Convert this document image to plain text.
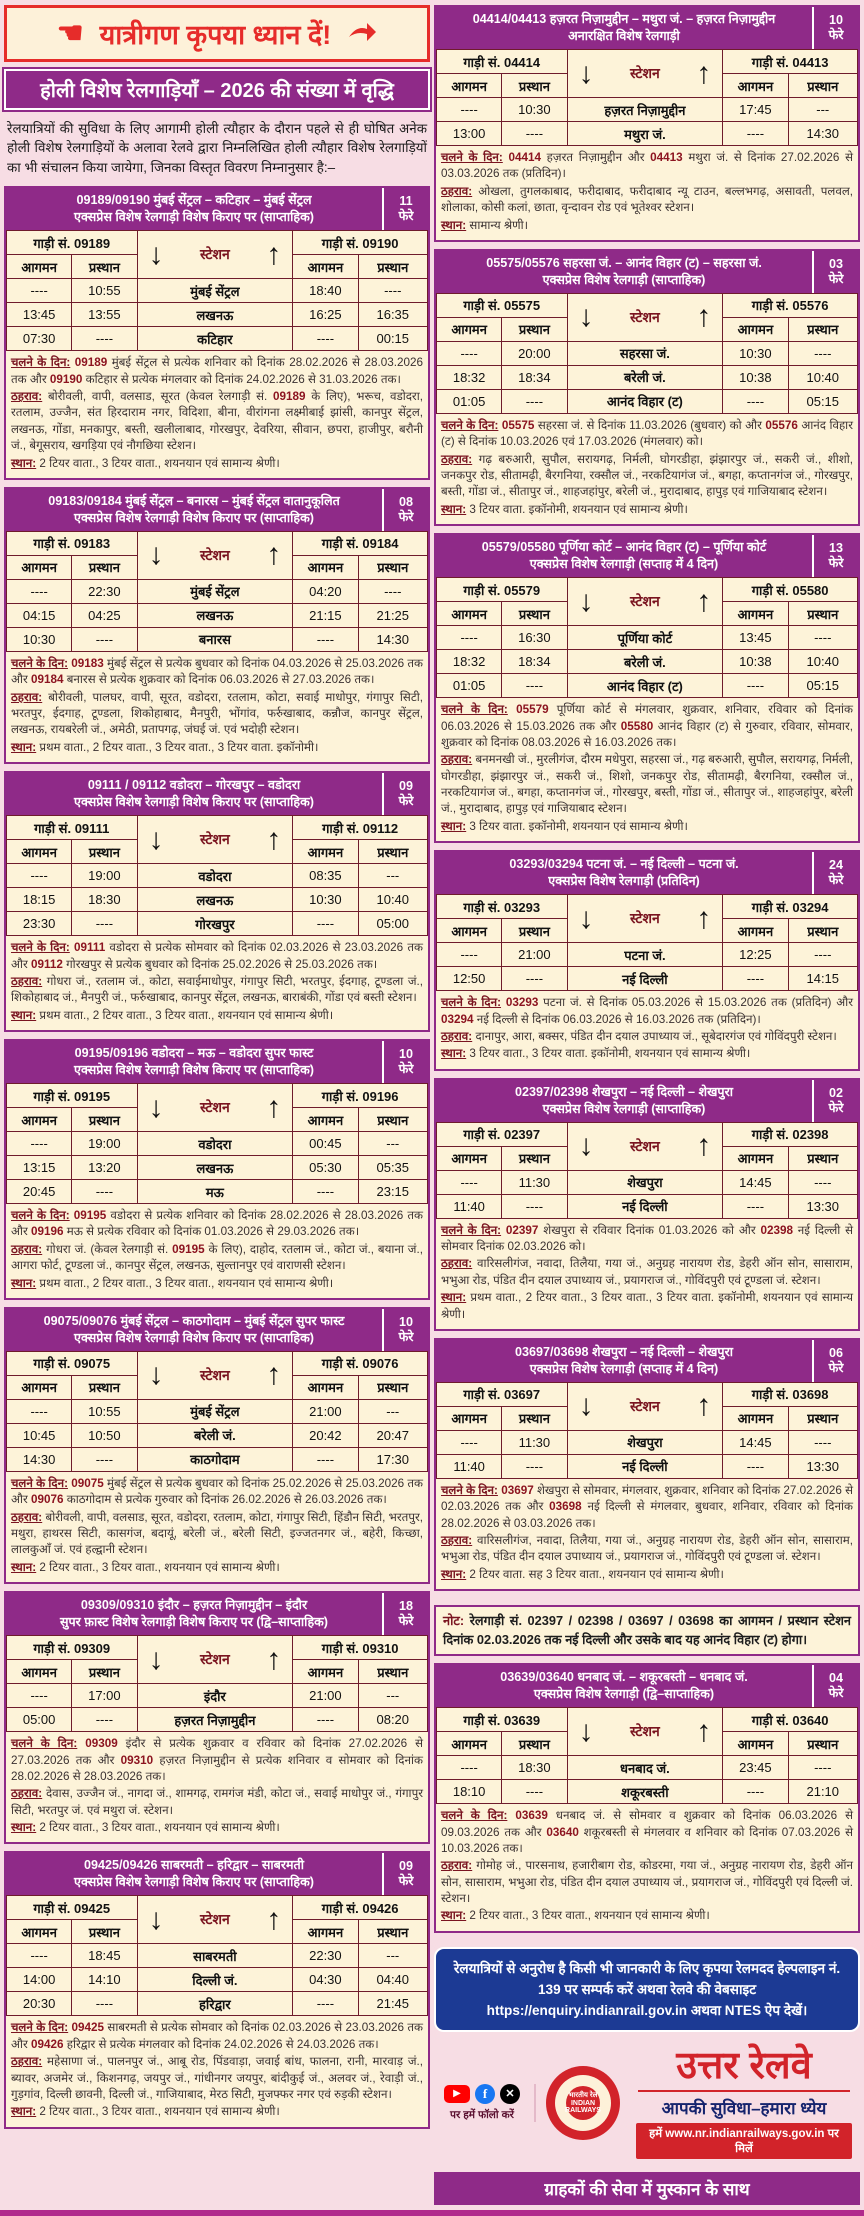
☚ यात्रीगण कृपया ध्यान दें!
होली विशेष रेलगाड़ियाँ – 2026 की संख्या में वृद्धि

रेलयात्रियों की सुविधा के लिए आगामी होली त्यौहार के दौरान पहले से ही घोषित अनेक होली विशेष रेलगाड़ियों के अलावा रेलवे द्वारा निम्नलिखित होली त्यौहार विशेष रेलगाड़ियों का भी संचालन किया जायेगा, जिनका विस्तृत विवरण निम्नानुसार है:–

09189/09190 मुंबई सेंट्रल – कटिहार – मुंबई सेंट्रल
एक्सप्रेस विशेष रेलगाड़ी विशेष किराए पर (साप्ताहिक)
11
फेरे
गाड़ी सं. 09189		↓ स्टेशन ↑	गाड़ी सं. 09190	
आगमन	प्रस्थान		आगमन	प्रस्थान
----	10:55	मुंबई सेंट्रल	18:40	----
13:45	13:55	लखनऊ	16:25	16:35
07:30	----	कटिहार	----	00:15

चलने के दिन: 09189 मुंबई सेंट्रल से प्रत्येक शनिवार को दिनांक 28.02.2026 से 28.03.2026 तक और 09190 कटिहार से प्रत्येक मंगलवार को दिनांक 24.02.2026 से 31.03.2026 तक।

ठहराव: बोरीवली, वापी, वलसाड, सूरत (केवल रेलगाड़ी सं. 09189 के लिए), भरूच, वडोदरा, रतलाम, उज्जैन, संत हिरदाराम नगर, विदिशा, बीना, वीरांगना लक्ष्मीबाई झांसी, कानपुर सेंट्रल, लखनऊ, गोंडा, मनकापुर, बस्ती, खलीलाबाद, गोरखपुर, देवरिया, सीवान, छपरा, हाजीपुर, बरौनी जं., बेगूसराय, खगड़िया एवं नौगछिया स्टेशन।

स्थान: 2 टियर वाता., 3 टियर वाता., शयनयान एवं सामान्य श्रेणी।

09183/09184 मुंबई सेंट्रल – बनारस – मुंबई सेंट्रल वातानुकूलित
एक्सप्रेस विशेष रेलगाड़ी विशेष किराए पर (साप्ताहिक)
08
फेरे
गाड़ी सं. 09183		↓ स्टेशन ↑	गाड़ी सं. 09184	
आगमन	प्रस्थान		आगमन	प्रस्थान
----	22:30	मुंबई सेंट्रल	04:20	----
04:15	04:25	लखनऊ	21:15	21:25
10:30	----	बनारस	----	14:30

चलने के दिन: 09183 मुंबई सेंट्रल से प्रत्येक बुधवार को दिनांक 04.03.2026 से 25.03.2026 तक और 09184 बनारस से प्रत्येक शुक्रवार को दिनांक 06.03.2026 से 27.03.2026 तक।

ठहराव: बोरीवली, पालघर, वापी, सूरत, वडोदरा, रतलाम, कोटा, सवाई माधोपुर, गंगापुर सिटी, भरतपुर, ईदगाह, टूण्डला, शिकोहाबाद, मैनपुरी, भोंगांव, फर्रुखाबाद, कन्नौज, कानपुर सेंट्रल, लखनऊ, रायबरेली जं., अमेठी, प्रतापगढ़, जंघई जं. एवं भदोही स्टेशन।

स्थान: प्रथम वाता., 2 टियर वाता., 3 टियर वाता., 3 टियर वाता. इकॉनोमी।

09111 / 09112 वडोदरा – गोरखपुर – वडोदरा
एक्सप्रेस विशेष रेलगाड़ी विशेष किराए पर (साप्ताहिक)
09
फेरे
गाड़ी सं. 09111		↓ स्टेशन ↑	गाड़ी सं. 09112	
आगमन	प्रस्थान		आगमन	प्रस्थान
----	19:00	वडोदरा	08:35	---
18:15	18:30	लखनऊ	10:30	10:40
23:30	----	गोरखपुर	----	05:00

चलने के दिन: 09111 वडोदरा से प्रत्येक सोमवार को दिनांक 02.03.2026 से 23.03.2026 तक और 09112 गोरखपुर से प्रत्येक बुधवार को दिनांक 25.02.2026 से 25.03.2026 तक।

ठहराव: गोधरा जं., रतलाम जं., कोटा, सवाईमाधोपुर, गंगापुर सिटी, भरतपुर, ईदगाह, टूण्डला जं., शिकोहाबाद जं., मैनपुरी जं., फर्रुखाबाद, कानपुर सेंट्रल, लखनऊ, बाराबंकी, गोंडा एवं बस्ती स्टेशन।

स्थान: प्रथम वाता., 2 टियर वाता., 3 टियर वाता., शयनयान एवं सामान्य श्रेणी।

09195/09196 वडोदरा – मऊ – वडोदरा सुपर फास्ट
एक्सप्रेस विशेष रेलगाड़ी विशेष किराए पर (साप्ताहिक)
10
फेरे
गाड़ी सं. 09195		↓ स्टेशन ↑	गाड़ी सं. 09196	
आगमन	प्रस्थान		आगमन	प्रस्थान
----	19:00	वडोदरा	00:45	---
13:15	13:20	लखनऊ	05:30	05:35
20:45	----	मऊ	----	23:15

चलने के दिन: 09195 वडोदरा से प्रत्येक शनिवार को दिनांक 28.02.2026 से 28.03.2026 तक और 09196 मऊ से प्रत्येक रविवार को दिनांक 01.03.2026 से 29.03.2026 तक।

ठहराव: गोधरा जं. (केवल रेलगाड़ी सं. 09195 के लिए), दाहोद, रतलाम जं., कोटा जं., बयाना जं., आगरा फोर्ट, टूण्डला जं., कानपुर सेंट्रल, लखनऊ, सुल्तानपुर एवं वाराणसी स्टेशन।

स्थान: प्रथम वाता., 2 टियर वाता., 3 टियर वाता., शयनयान एवं सामान्य श्रेणी।

09075/09076 मुंबई सेंट्रल – काठगोदाम – मुंबई सेंट्रल सुपर फास्ट
एक्सप्रेस विशेष रेलगाड़ी विशेष किराए पर (साप्ताहिक)
10
फेरे
गाड़ी सं. 09075		↓ स्टेशन ↑	गाड़ी सं. 09076	
आगमन	प्रस्थान		आगमन	प्रस्थान
----	10:55	मुंबई सेंट्रल	21:00	---
10:45	10:50	बरेली जं.	20:42	20:47
14:30	----	काठगोदाम	----	17:30

चलने के दिन: 09075 मुंबई सेंट्रल से प्रत्येक बुधवार को दिनांक 25.02.2026 से 25.03.2026 तक और 09076 काठगोदाम से प्रत्येक गुरुवार को दिनांक 26.02.2026 से 26.03.2026 तक।

ठहराव: बोरीवली, वापी, वलसाड, सूरत, वडोदरा, रतलाम, कोटा, गंगापुर सिटी, हिंडौन सिटी, भरतपुर, मथुरा, हाथरस सिटी, कासगंज, बदायूं, बरेली जं., बरेली सिटी, इज्जतनगर जं., बहेरी, किच्छा, लालकुआँ जं. एवं हल्द्वानी स्टेशन।

स्थान: 2 टियर वाता., 3 टियर वाता., शयनयान एवं सामान्य श्रेणी।

09309/09310 इंदौर – हज़रत निज़ामुद्दीन – इंदौर
सुपर फ़ास्ट विशेष रेलगाड़ी विशेष किराए पर (द्वि–साप्ताहिक)
18
फेरे
गाड़ी सं. 09309		↓ स्टेशन ↑	गाड़ी सं. 09310	
आगमन	प्रस्थान		आगमन	प्रस्थान
----	17:00	इंदौर	21:00	---
05:00	----	हज़रत निज़ामुद्दीन	----	08:20

चलने के दिन: 09309 इंदौर से प्रत्येक शुक्रवार व रविवार को दिनांक 27.02.2026 से 27.03.2026 तक और 09310 हज़रत निज़ामुद्दीन से प्रत्येक शनिवार व सोमवार को दिनांक 28.02.2026 से 28.03.2026 तक।

ठहराव: देवास, उज्जैन जं., नागदा जं., शामगढ़, रामगंज मंडी, कोटा जं., सवाई माधोपुर जं., गंगापुर सिटी, भरतपुर जं. एवं मथुरा जं. स्टेशन।

स्थान: 2 टियर वाता., 3 टियर वाता., शयनयान एवं सामान्य श्रेणी।

09425/09426 साबरमती – हरिद्वार – साबरमती
एक्सप्रेस विशेष रेलगाड़ी विशेष किराए पर (साप्ताहिक)
09
फेरे
गाड़ी सं. 09425		↓ स्टेशन ↑	गाड़ी सं. 09426	
आगमन	प्रस्थान		आगमन	प्रस्थान
----	18:45	साबरमती	22:30	---
14:00	14:10	दिल्ली जं.	04:30	04:40
20:30	----	हरिद्वार	----	21:45

चलने के दिन: 09425 साबरमती से प्रत्येक सोमवार को दिनांक 02.03.2026 से 23.03.2026 तक और 09426 हरिद्वार से प्रत्येक मंगलवार को दिनांक 24.02.2026 से 24.03.2026 तक।

ठहराव: महेसाणा जं., पालनपुर जं., आबू रोड, पिंडवाड़ा, जवाई बांध, फालना, रानी, मारवाड़ जं., ब्यावर, अजमेर जं., किशनगढ़, जयपुर जं., गांधीनगर जयपुर, बांदीकुई जं., अलवर जं., रेवाड़ी जं., गुड़गांव, दिल्ली छावनी, दिल्ली जं., गाजियाबाद, मेरठ सिटी, मुजफ्फर नगर एवं रुड़की स्टेशन।

स्थान: 2 टियर वाता., 3 टियर वाता., शयनयान एवं सामान्य श्रेणी।

04414/04413 हज़रत निज़ामुद्दीन – मथुरा जं. – हज़रत निज़ामुद्दीन
अनारक्षित विशेष रेलगाड़ी
10
फेरे
गाड़ी सं. 04414		↓ स्टेशन ↑	गाड़ी सं. 04413	
आगमन	प्रस्थान		आगमन	प्रस्थान
----	10:30	हज़रत निज़ामुद्दीन	17:45	---
13:00	----	मथुरा जं.	----	14:30

चलने के दिन: 04414 हज़रत निज़ामुद्दीन और 04413 मथुरा जं. से दिनांक 27.02.2026 से 03.03.2026 तक (प्रतिदिन)।

ठहराव: ओखला, तुगलकाबाद, फरीदाबाद, फरीदाबाद न्यू टाउन, बल्लभगढ़, असावती, पलवल, शोलाका, कोसी कलां, छाता, वृन्दावन रोड एवं भूतेश्वर स्टेशन।

स्थान: सामान्य श्रेणी।

05575/05576 सहरसा जं. – आनंद विहार (ट) – सहरसा जं.
एक्सप्रेस विशेष रेलगाड़ी (साप्ताहिक)
03
फेरे
गाड़ी सं. 05575		↓ स्टेशन ↑	गाड़ी सं. 05576	
आगमन	प्रस्थान		आगमन	प्रस्थान
----	20:00	सहरसा जं.	10:30	----
18:32	18:34	बरेली जं.	10:38	10:40
01:05	----	आनंद विहार (ट)	----	05:15

चलने के दिन: 05575 सहरसा जं. से दिनांक 11.03.2026 (बुधवार) को और 05576 आनंद विहार (ट) से दिनांक 10.03.2026 एवं 17.03.2026 (मंगलवार) को।

ठहराव: गढ़ बरुआरी, सुपौल, सरायगढ़, निर्मली, घोगरडीहा, झंझारपुर जं., सकरी जं., शीशो, जनकपुर रोड, सीतामढ़ी, बैरगनिया, रक्सौल जं., नरकटियागंज जं., बगहा, कप्तानगंज जं., गोरखपुर, बस्ती, गोंडा जं., सीतापुर जं., शाहजहांपुर, बरेली जं., मुरादाबाद, हापुड़ एवं गाजियाबाद स्टेशन।

स्थान: 3 टियर वाता. इकॉनोमी, शयनयान एवं सामान्य श्रेणी।

05579/05580 पूर्णिया कोर्ट – आनंद विहार (ट) – पूर्णिया कोर्ट
एक्सप्रेस विशेष रेलगाड़ी (सप्ताह में 4 दिन)
13
फेरे
गाड़ी सं. 05579		↓ स्टेशन ↑	गाड़ी सं. 05580	
आगमन	प्रस्थान		आगमन	प्रस्थान
----	16:30	पूर्णिया कोर्ट	13:45	----
18:32	18:34	बरेली जं.	10:38	10:40
01:05	----	आनंद विहार (ट)	----	05:15

चलने के दिन: 05579 पूर्णिया कोर्ट से मंगलवार, शुक्रवार, शनिवार, रविवार को दिनांक 06.03.2026 से 15.03.2026 तक और 05580 आनंद विहार (ट) से गुरुवार, रविवार, सोमवार, शुक्रवार को दिनांक 08.03.2026 से 16.03.2026 तक।

ठहराव: बनमनखी जं., मुरलीगंज, दौरम मधेपुरा, सहरसा जं., गढ़ बरुआरी, सुपौल, सरायगढ़, निर्मली, घोगरडीहा, झंझारपुर जं., सकरी जं., शिशो, जनकपुर रोड, सीतामढ़ी, बैरगनिया, रक्सौल जं., नरकटियागंज जं., बगहा, कप्तानगंज जं., गोरखपुर, बस्ती, गोंडा जं., सीतापुर जं., शाहजहांपुर, बरेली जं., मुरादाबाद, हापुड़ एवं गाजियाबाद स्टेशन।

स्थान: 3 टियर वाता. इकॉनोमी, शयनयान एवं सामान्य श्रेणी।

03293/03294 पटना जं. – नई दिल्ली – पटना जं.
एक्सप्रेस विशेष रेलगाड़ी (प्रतिदिन)
24
फेरे
गाड़ी सं. 03293		↓ स्टेशन ↑	गाड़ी सं. 03294	
आगमन	प्रस्थान		आगमन	प्रस्थान
----	21:00	पटना जं.	12:25	----
12:50	----	नई दिल्ली	----	14:15

चलने के दिन: 03293 पटना जं. से दिनांक 05.03.2026 से 15.03.2026 तक (प्रतिदिन) और 03294 नई दिल्ली से दिनांक 06.03.2026 से 16.03.2026 तक (प्रतिदिन)।

ठहराव: दानापुर, आरा, बक्सर, पंडित दीन दयाल उपाध्याय जं., सूबेदारगंज एवं गोविंदपुरी स्टेशन।

स्थान: 3 टियर वाता., 3 टियर वाता. इकॉनोमी, शयनयान एवं सामान्य श्रेणी।

02397/02398 शेखपुरा – नई दिल्ली – शेखपुरा
एक्सप्रेस विशेष रेलगाड़ी (साप्ताहिक)
02
फेरे
गाड़ी सं. 02397		↓ स्टेशन ↑	गाड़ी सं. 02398	
आगमन	प्रस्थान		आगमन	प्रस्थान
----	11:30	शेखपुरा	14:45	----
11:40	----	नई दिल्ली	----	13:30

चलने के दिन: 02397 शेखपुरा से रविवार दिनांक 01.03.2026 को और 02398 नई दिल्ली से सोमवार दिनांक 02.03.2026 को।

ठहराव: वारिसलीगंज, नवादा, तिलैया, गया जं., अनुग्रह नारायण रोड, डेहरी ऑन सोन, सासाराम, भभुआ रोड, पंडित दीन दयाल उपाध्याय जं., प्रयागराज जं., गोविंदपुरी एवं टूण्डला जं. स्टेशन।

स्थान: प्रथम वाता., 2 टियर वाता., 3 टियर वाता., 3 टियर वाता. इकॉनोमी, शयनयान एवं सामान्य श्रेणी।

03697/03698 शेखपुरा – नई दिल्ली – शेखपुरा
एक्सप्रेस विशेष रेलगाड़ी (सप्ताह में 4 दिन)
06
फेरे
गाड़ी सं. 03697		↓ स्टेशन ↑	गाड़ी सं. 03698	
आगमन	प्रस्थान		आगमन	प्रस्थान
----	11:30	शेखपुरा	14:45	----
11:40	----	नई दिल्ली	----	13:30

चलने के दिन: 03697 शेखपुरा से सोमवार, मंगलवार, शुक्रवार, शनिवार को दिनांक 27.02.2026 से 02.03.2026 तक और 03698 नई दिल्ली से मंगलवार, बुधवार, शनिवार, रविवार को दिनांक 28.02.2026 से 03.03.2026 तक।

ठहराव: वारिसलीगंज, नवादा, तिलैया, गया जं., अनुग्रह नारायण रोड, डेहरी ऑन सोन, सासाराम, भभुआ रोड, पंडित दीन दयाल उपाध्याय जं., प्रयागराज जं., गोविंदपुरी एवं टूण्डला जं. स्टेशन।

स्थान: 2 टियर वाता. सह 3 टियर वाता., शयनयान एवं सामान्य श्रेणी।

नोट: रेलगाड़ी सं. 02397 / 02398 / 03697 / 03698 का आगमन / प्रस्थान स्टेशन दिनांक 02.03.2026 तक नई दिल्ली और उसके बाद यह आनंद विहार (ट) होगा।
03639/03640 धनबाद जं. – शकूरबस्ती – धनबाद जं.
एक्सप्रेस विशेष रेलगाड़ी (द्वि–साप्ताहिक)
04
फेरे
गाड़ी सं. 03639		↓ स्टेशन ↑	गाड़ी सं. 03640	
आगमन	प्रस्थान		आगमन	प्रस्थान
----	18:30	धनबाद जं.	23:45	----
18:10	----	शकूरबस्ती	----	21:10

चलने के दिन: 03639 धनबाद जं. से सोमवार व शुक्रवार को दिनांक 06.03.2026 से 09.03.2026 तक और 03640 शकूरबस्ती से मंगलवार व शनिवार को दिनांक 07.03.2026 से 10.03.2026 तक।

ठहराव: गोमोह जं., पारसनाथ, हजारीबाग रोड, कोडरमा, गया जं., अनुग्रह नारायण रोड, डेहरी ऑन सोन, सासाराम, भभुआ रोड, पंडित दीन दयाल उपाध्याय जं., प्रयागराज जं., गोविंदपुरी एवं दिल्ली जं. स्टेशन।

स्थान: 2 टियर वाता., 3 टियर वाता., शयनयान एवं सामान्य श्रेणी।

रेलयात्रियों से अनुरोध है किसी भी जानकारी के लिए कृपया रेलमदद हेल्पलाइन नं. 139 पर सम्पर्क करें अथवा रेलवे की वेबसाइट https://enquiry.indianrail.gov.in अथवा NTES ऐप देखें।
▶	f	✕
पर हमें फॉलो करें
भारतीय रेल INDIAN RAILWAYS
उत्तर रेलवे
आपकी सुविधा–हमारा ध्येय
हमें www.nr.indianrailways.gov.in पर मिलें
ग्राहकों की सेवा में मुस्कान के साथ
